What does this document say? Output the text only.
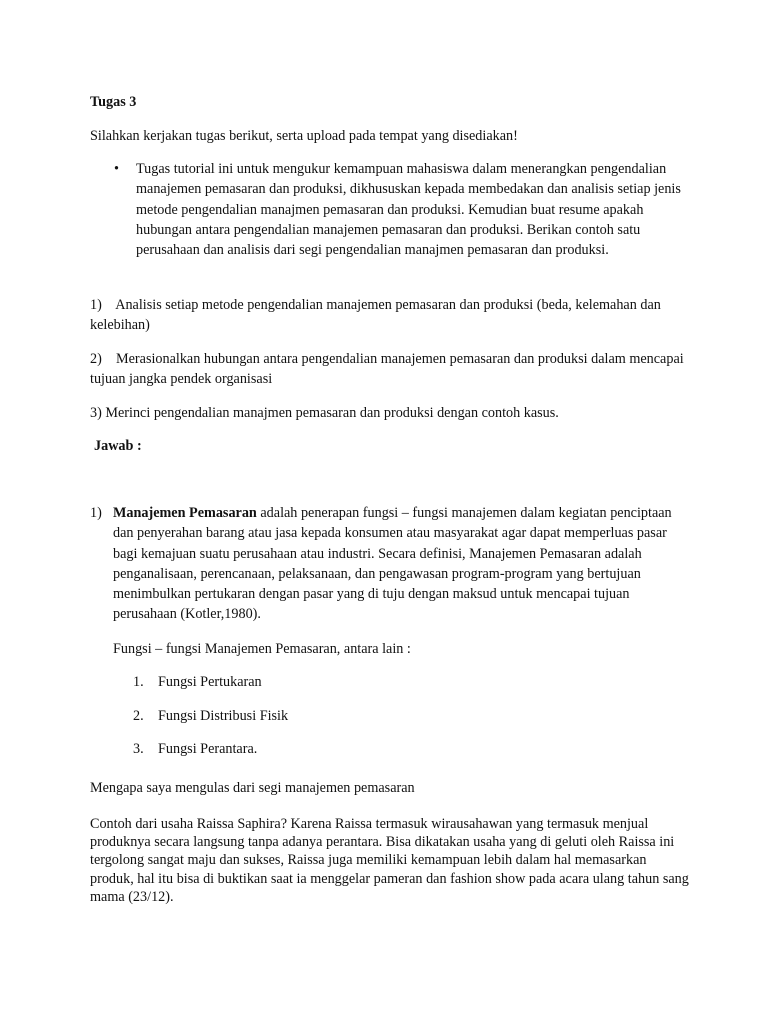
Tugas 3

Silahkan kerjakan tugas berikut, serta upload pada tempat yang disediakan!

• Tugas tutorial ini untuk mengukur kemampuan mahasiswa dalam menerangkan pengendalian manajemen pemasaran dan produksi, dikhususkan kepada membedakan dan analisis setiap jenis metode pengendalian manajmen pemasaran dan produksi. Kemudian buat resume apakah hubungan antara pengendalian manajemen pemasaran dan produksi. Berikan contoh satu perusahaan dan analisis dari segi pengendalian manajmen pemasaran dan produksi.

1)    Analisis setiap metode pengendalian manajemen pemasaran dan produksi (beda, kelemahan dan kelebihan)

2)    Merasionalkan hubungan antara pengendalian manajemen pemasaran dan produksi dalam mencapai tujuan jangka pendek organisasi

3) Merinci pengendalian manajmen pemasaran dan produksi dengan contoh kasus.

Jawab :

1) Manajemen Pemasaran adalah penerapan fungsi – fungsi manajemen dalam kegiatan penciptaan dan penyerahan barang atau jasa kepada konsumen atau masyarakat agar dapat memperluas pasar bagi kemajuan suatu perusahaan atau industri. Secara definisi, Manajemen Pemasaran adalah penganalisaan, perencanaan, pelaksanaan, dan pengawasan program-program yang bertujuan menimbulkan pertukaran dengan pasar yang di tuju dengan maksud untuk mencapai tujuan perusahaan (Kotler,1980).

Fungsi – fungsi Manajemen Pemasaran, antara lain :

1. Fungsi Pertukaran
2. Fungsi Distribusi Fisik
3. Fungsi Perantara.

Mengapa saya mengulas dari segi manajemen pemasaran

Contoh dari usaha Raissa Saphira? Karena Raissa termasuk wirausahawan yang termasuk menjual produknya secara langsung tanpa adanya perantara. Bisa dikatakan usaha yang di geluti oleh Raissa ini tergolong sangat maju dan sukses, Raissa juga memiliki kemampuan lebih dalam hal memasarkan produk, hal itu bisa di buktikan saat ia menggelar pameran dan fashion show pada acara ulang tahun sang mama (23/12).
